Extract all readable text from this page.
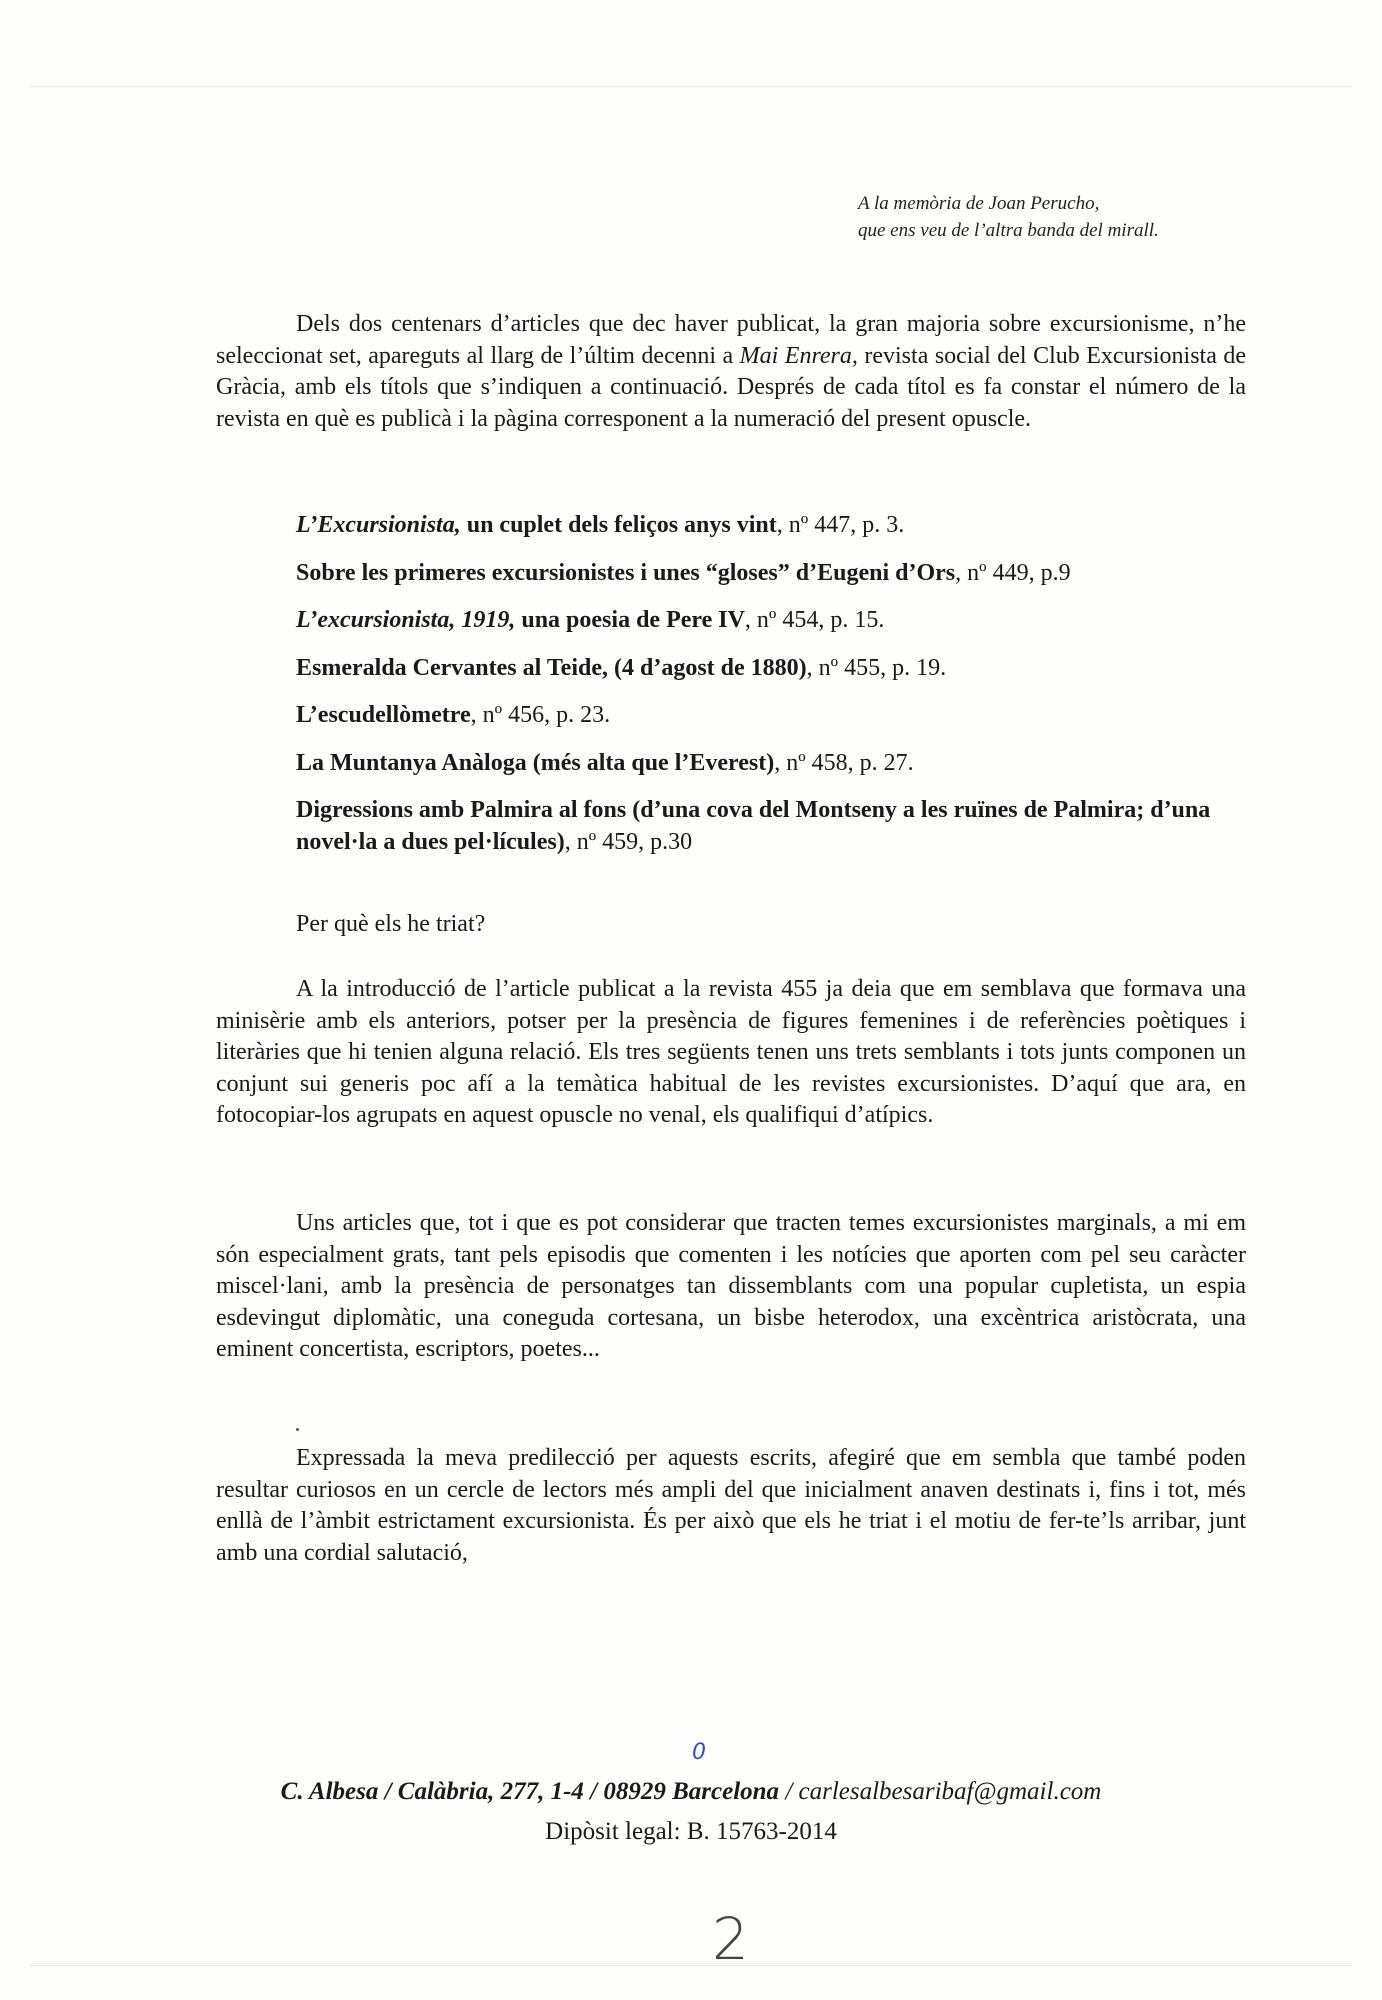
A la memòria de Joan Perucho,
que ens veu de l’altra banda del mirall.
Dels dos centenars d’articles que dec haver publicat, la gran majoria sobre excursionisme, n’he seleccionat set, apareguts al llarg de l’últim decenni a Mai Enrera, revista social del Club Excursionista de Gràcia, amb els títols que s’indiquen a continuació. Després de cada títol es fa constar el número de la revista en què es publicà i la pàgina corresponent a la numeració del present opuscle.
L’Excursionista, un cuplet dels feliços anys vint, nº 447, p. 3.
Sobre les primeres excursionistes i unes “gloses” d’Eugeni d’Ors, nº 449, p.9
L’excursionista, 1919, una poesia de Pere IV, nº 454, p. 15.
Esmeralda Cervantes al Teide, (4 d’agost de 1880), nº 455, p. 19.
L’escudellòmetre, nº 456, p. 23.
La Muntanya Anàloga (més alta que l’Everest), nº 458, p. 27.
Digressions amb Palmira al fons (d’una cova del Montseny a les ruïnes de Palmira; d’una novel·la a dues pel·lícules), nº 459, p.30
Per què els he triat?
A la introducció de l’article publicat a la revista 455 ja deia que em semblava que formava una minisèrie amb els anteriors, potser per la presència de figures femenines i de referències poètiques i literàries que hi tenien alguna relació. Els tres següents tenen uns trets semblants i tots junts componen un conjunt sui generis poc afí a la temàtica habitual de les revistes excursionistes. D’aquí que ara, en fotocopiar-los agrupats en aquest opuscle no venal, els qualifiqui d’atípics.
Uns articles que, tot i que es pot considerar que tracten temes excursionistes marginals, a mi em són especialment grats, tant pels episodis que comenten i les notícies que aporten com pel seu caràcter miscel·lani, amb la presència de personatges tan dissemblants com una popular cupletista, un espia esdevingut diplomàtic, una coneguda cortesana, un bisbe heterodox, una excèntrica aristòcrata, una eminent concertista, escriptors, poetes...
Expressada la meva predilecció per aquests escrits, afegiré que em sembla que també poden resultar curiosos en un cercle de lectors més ampli del que inicialment anaven destinats i, fins i tot, més enllà de l’àmbit estrictament excursionista. És per això que els he triat i el motiu de fer-te’ls arribar, junt amb una cordial salutació,
0
C. Albesa / Calàbria, 277, 1-4 / 08929 Barcelona / carlesalbesaribaf@gmail.com
Dipòsit legal: B. 15763-2014
2
